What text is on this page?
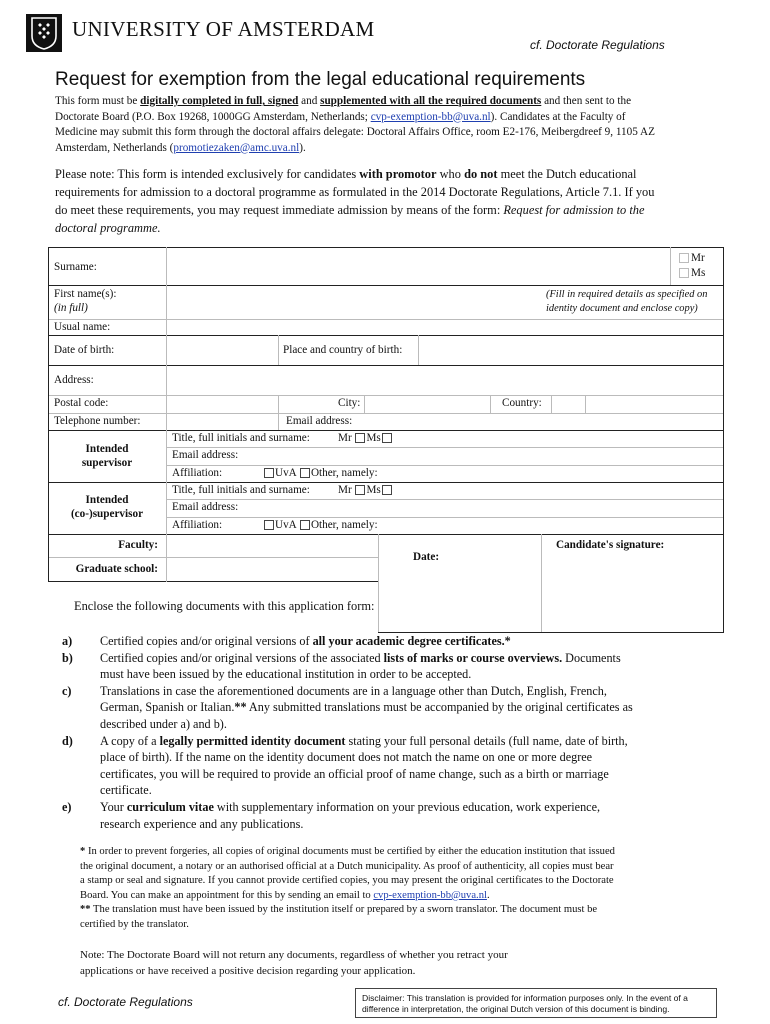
UNIVERSITY OF AMSTERDAM
cf. Doctorate Regulations
Request for exemption from the legal educational requirements
This form must be digitally completed in full, signed and supplemented with all the required documents and then sent to the
Doctorate Board (P.O. Box 19268, 1000GG Amsterdam, Netherlands; cvp-exemption-bb@uva.nl). Candidates at the Faculty of
Medicine may submit this form through the doctoral affairs delegate: Doctoral Affairs Office, room E2-176, Meibergdreef 9, 1105 AZ
Amsterdam, Netherlands (promotiezaken@amc.uva.nl).
Please note: This form is intended exclusively for candidates with promotor who do not meet the Dutch educational
requirements for admission to a doctoral programme as formulated in the 2014 Doctorate Regulations, Article 7.1. If you
do meet these requirements, you may request immediate admission by means of the form: Request for admission to the
doctoral programme.
Surname:
Mr
Ms
First name(s):
(in full)
(Fill in required details as specified on
identity document and enclose copy)
Usual name:
Date of birth:	Place and country of birth:
Address:
Postal code:	City:	Country:
Telephone number:	Email address:
Intended
supervisor
Title, full initials and surname:	Mr Ms
Email address:
Affiliation:	UvA Other, namely:
Intended
(co-)supervisor
Title, full initials and surname:	Mr Ms
Email address:
Affiliation:	UvA Other, namely:
Faculty:
Graduate school:
Date:
Candidate's signature:
Enclose the following documents with this application form:
a) Certified copies and/or original versions of all your academic degree certificates.*
b) Certified copies and/or original versions of the associated lists of marks or course overviews. Documents
must have been issued by the educational institution in order to be accepted.
c) Translations in case the aforementioned documents are in a language other than Dutch, English, French,
German, Spanish or Italian.** Any submitted translations must be accompanied by the original certificates as
described under a) and b).
d) A copy of a legally permitted identity document stating your full personal details (full name, date of birth,
place of birth). If the name on the identity document does not match the name on one or more degree
certificates, you will be required to provide an official proof of name change, such as a birth or marriage
certificate.
e) Your curriculum vitae with supplementary information on your previous education, work experience,
research experience and any publications.
* In order to prevent forgeries, all copies of original documents must be certified by either the education institution that issued
the original document, a notary or an authorised official at a Dutch municipality. As proof of authenticity, all copies must bear
a stamp or seal and signature. If you cannot provide certified copies, you may present the original certificates to the Doctorate
Board. You can make an appointment for this by sending an email to cvp-exemption-bb@uva.nl.
** The translation must have been issued by the institution itself or prepared by a sworn translator. The document must be
certified by the translator.
Note: The Doctorate Board will not return any documents, regardless of whether you retract your
applications or have received a positive decision regarding your application.
cf. Doctorate Regulations	Disclaimer: This translation is provided for information purposes only. In the event of a
difference in interpretation, the original Dutch version of this document is binding.
